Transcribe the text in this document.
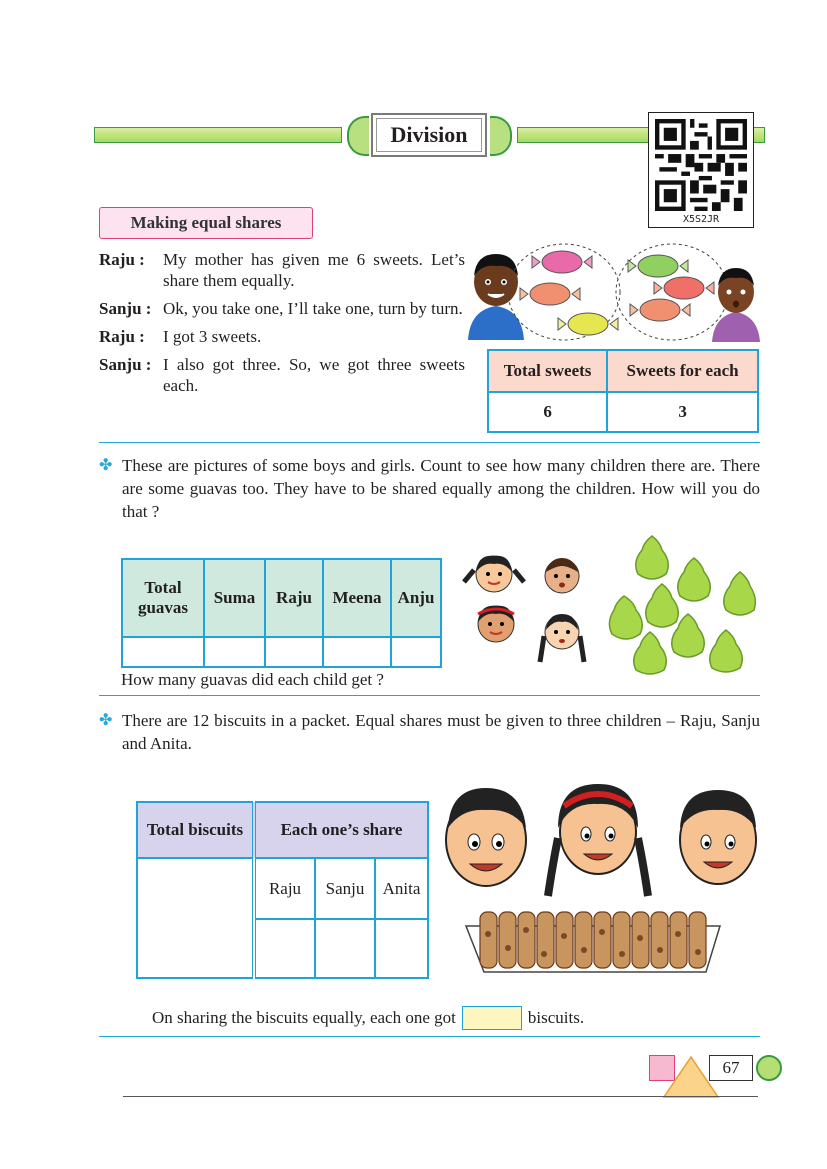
Division
X5S2JR
Making equal shares
Raju :	My mother has given me 6 sweets. Let’s share them equally.
Sanju : Ok, you take one, I’ll take one, turn by turn.
Raju :	I got 3 sweets.
Sanju : I also got three. So, we got three sweets each.
Total sweets	Sweets for each
6	3
✤ These are pictures of some boys and girls. Count to see how many children there are. There are some guavas too. They have to be shared equally among the children. How will you do that ?
Total guavas	Suma	Raju	Meena	Anju

How many guavas did each child get ?
✤ There are 12 biscuits in a packet. Equal shares must be given to three children – Raju, Sanju and Anita.
Total biscuits	Each one’s share		
	Raju	Sanju	Anita

On sharing the biscuits equally, each one got	biscuits.
67
